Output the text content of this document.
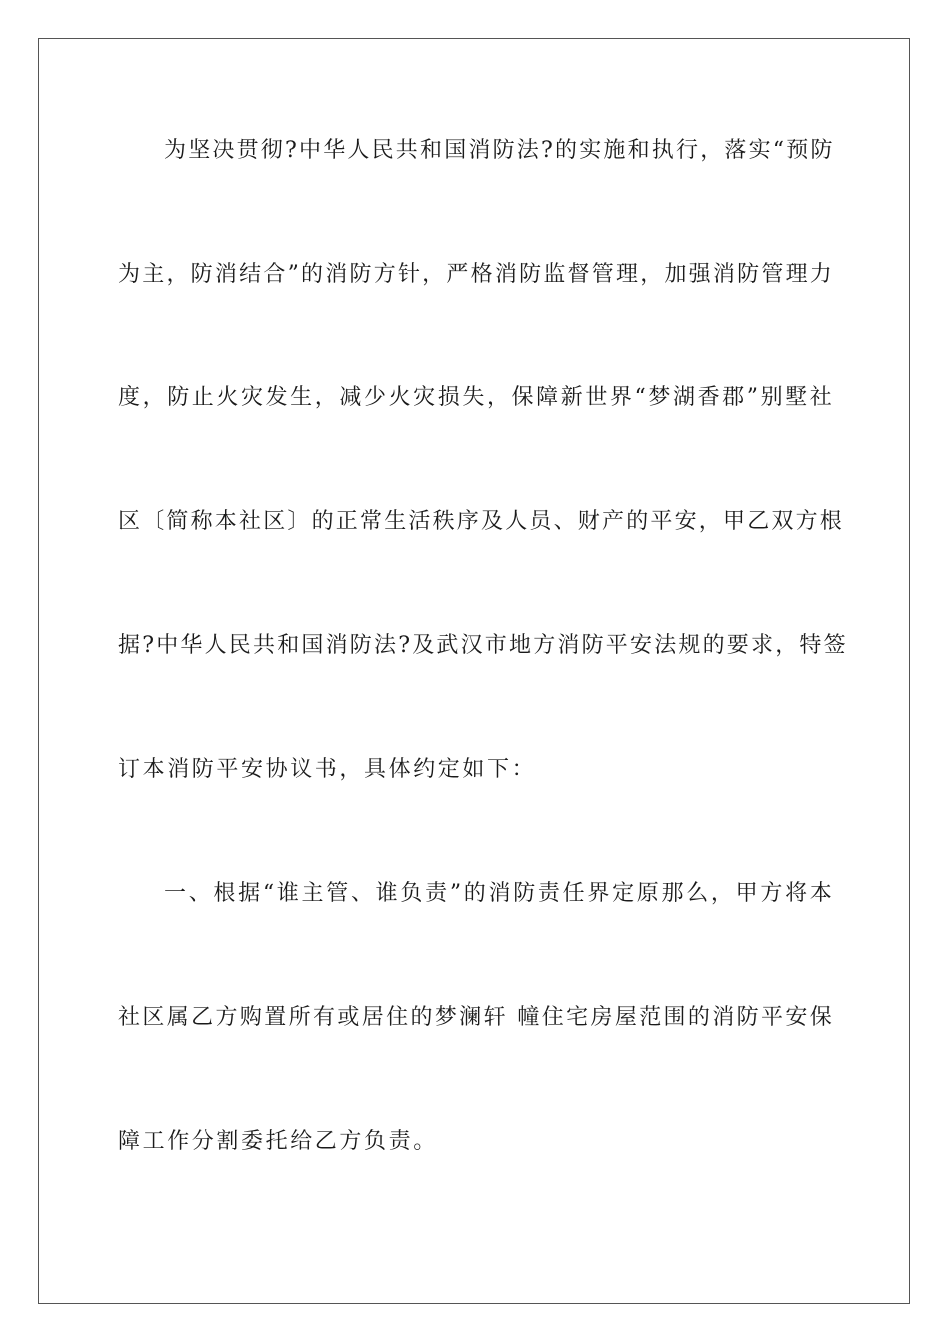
为坚决贯彻?中华人民共和国消防法?的实施和执行，落实“预防
为主，防消结合”的消防方针，严格消防监督管理，加强消防管理力
度，防止火灾发生，减少火灾损失，保障新世界“梦湖香郡”别墅社
区〔简称本社区〕的正常生活秩序及人员、财产的平安，甲乙双方根
据?中华人民共和国消防法?及武汉市地方消防平安法规的要求，特签
订本消防平安协议书，具体约定如下：
一、根据“谁主管、谁负责”的消防责任界定原那么，甲方将本
社区属乙方购置所有或居住的梦澜轩 幢住宅房屋范围的消防平安保
障工作分割委托给乙方负责。
